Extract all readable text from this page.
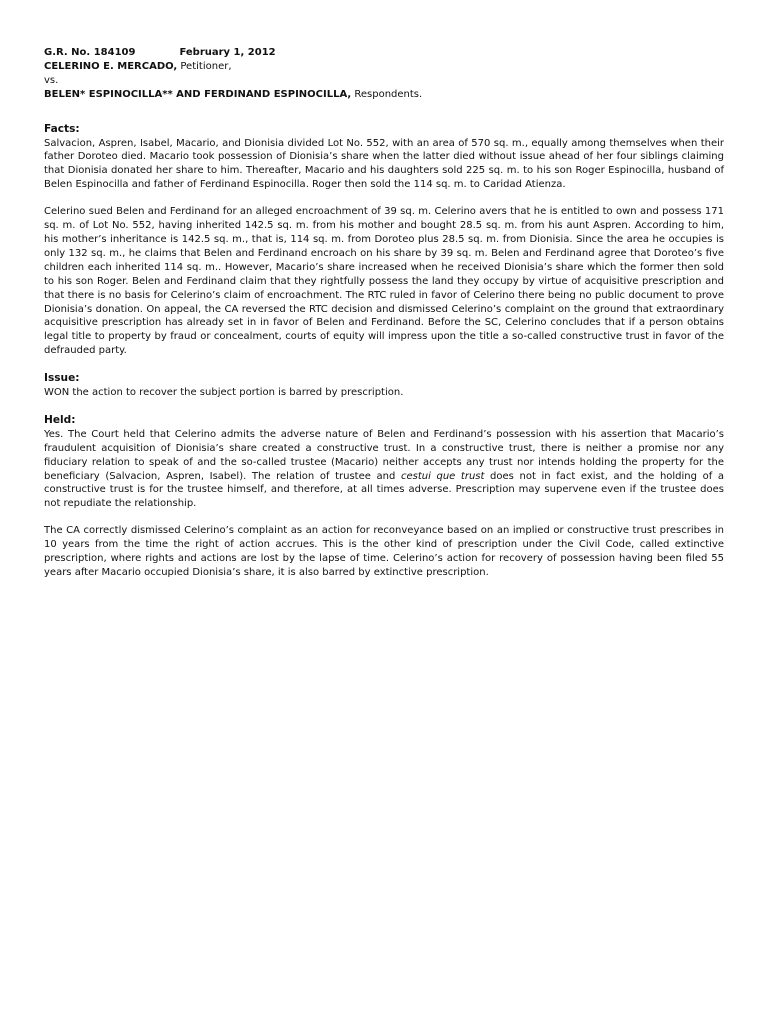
G.R. No. 184109	February 1, 2012
CELERINO E. MERCADO, Petitioner,
vs.
BELEN* ESPINOCILLA** AND FERDINAND ESPINOCILLA, Respondents.
Facts:

Salvacion, Aspren, Isabel, Macario, and Dionisia divided Lot No. 552, with an area of 570 sq. m., equally among themselves when their father Doroteo died. Macario took possession of Dionisia’s share when the latter died without issue ahead of her four siblings claiming that Dionisia donated her share to him. Thereafter, Macario and his daughters sold 225 sq. m. to his son Roger Espinocilla, husband of Belen Espinocilla and father of Ferdinand Espinocilla. Roger then sold the 114 sq. m. to Caridad Atienza.

Celerino sued Belen and Ferdinand for an alleged encroachment of 39 sq. m. Celerino avers that he is entitled to own and possess 171 sq. m. of Lot No. 552, having inherited 142.5 sq. m. from his mother and bought 28.5 sq. m. from his aunt Aspren. According to him, his mother’s inheritance is 142.5 sq. m., that is, 114 sq. m. from Doroteo plus 28.5 sq. m. from Dionisia. Since the area he occupies is only 132 sq. m., he claims that Belen and Ferdinand encroach on his share by 39 sq. m. Belen and Ferdinand agree that Doroteo’s five children each inherited 114 sq. m.. However, Macario’s share increased when he received Dionisia’s share which the former then sold to his son Roger. Belen and Ferdinand claim that they rightfully possess the land they occupy by virtue of acquisitive prescription and that there is no basis for Celerino’s claim of encroachment. The RTC ruled in favor of Celerino there being no public document to prove Dionisia’s donation. On appeal, the CA reversed the RTC decision and dismissed Celerino’s complaint on the ground that extraordinary acquisitive prescription has already set in in favor of Belen and Ferdinand. Before the SC, Celerino concludes that if a person obtains legal title to property by fraud or concealment, courts of equity will impress upon the title a so-called constructive trust in favor of the defrauded party.

Issue:

WON the action to recover the subject portion is barred by prescription.

Held:

Yes. The Court held that Celerino admits the adverse nature of Belen and Ferdinand’s possession with his assertion that Macario’s fraudulent acquisition of Dionisia’s share created a constructive trust. In a constructive trust, there is neither a promise nor any fiduciary relation to speak of and the so-called trustee (Macario) neither accepts any trust nor intends holding the property for the beneficiary (Salvacion, Aspren, Isabel). The relation of trustee and cestui que trust does not in fact exist, and the holding of a constructive trust is for the trustee himself, and therefore, at all times adverse. Prescription may supervene even if the trustee does not repudiate the relationship.

The CA correctly dismissed Celerino’s complaint as an action for reconveyance based on an implied or constructive trust prescribes in 10 years from the time the right of action accrues. This is the other kind of prescription under the Civil Code, called extinctive prescription, where rights and actions are lost by the lapse of time. Celerino’s action for recovery of possession having been filed 55 years after Macario occupied Dionisia’s share, it is also barred by extinctive prescription.
